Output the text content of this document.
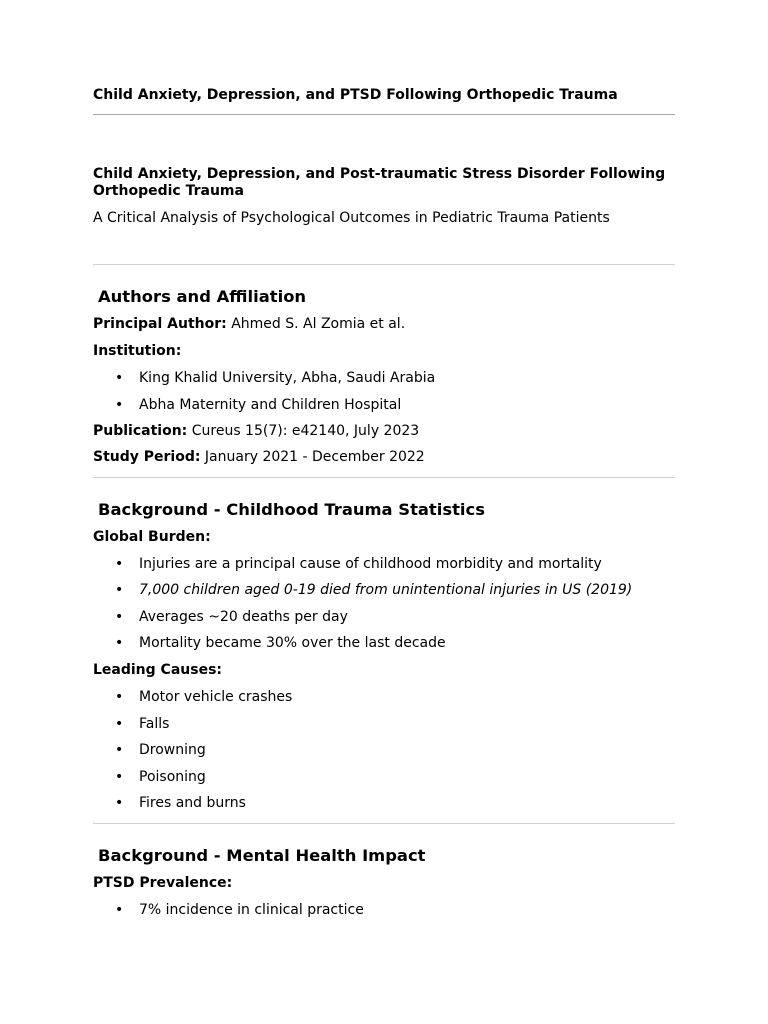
Child Anxiety, Depression, and PTSD Following Orthopedic Trauma
Child Anxiety, Depression, and Post-traumatic Stress Disorder Following Orthopedic Trauma

A Critical Analysis of Psychological Outcomes in Pediatric Trauma Patients

Authors and Affiliation

Principal Author: Ahmed S. Al Zomia et al.

Institution:

• King Khalid University, Abha, Saudi Arabia
• Abha Maternity and Children Hospital

Publication: Cureus 15(7): e42140, July 2023

Study Period: January 2021 - December 2022

Background - Childhood Trauma Statistics

Global Burden:

• Injuries are a principal cause of childhood morbidity and mortality
• 7,000 children aged 0-19 died from unintentional injuries in US (2019)
• Averages ~20 deaths per day
• Mortality became 30% over the last decade

Leading Causes:

• Motor vehicle crashes
• Falls
• Drowning
• Poisoning
• Fires and burns
Background - Mental Health Impact

PTSD Prevalence:

• 7% incidence in clinical practice
